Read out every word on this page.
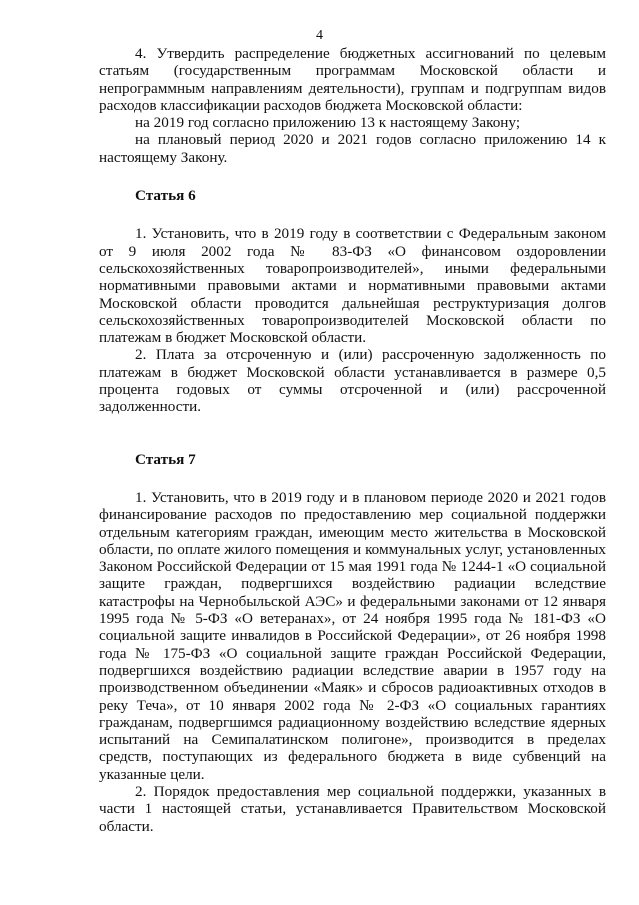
4

4. Утвердить распределение бюджетных ассигнований по целевым статьям (государственным программам Московской области и непрограммным направлениям деятельности), группам и подгруппам видов расходов классификации расходов бюджета Московской области:

на 2019 год согласно приложению 13 к настоящему Закону;

на плановый период 2020 и 2021 годов согласно приложению 14 к настоящему Закону.

Статья 6

1. Установить, что в 2019 году в соответствии с Федеральным законом от 9 июля 2002 года № 83-ФЗ «О финансовом оздоровлении сельскохозяйственных товаропроизводителей», иными федеральными нормативными правовыми актами и нормативными правовыми актами Московской области проводится дальнейшая реструктуризация долгов сельскохозяйственных товаропроизводителей Московской области по платежам в бюджет Московской области.

2. Плата за отсроченную и (или) рассроченную задолженность по платежам в бюджет Московской области устанавливается в размере 0,5 процента годовых от суммы отсроченной и (или) рассроченной задолженности.

Статья 7

1. Установить, что в 2019 году и в плановом периоде 2020 и 2021 годов финансирование расходов по предоставлению мер социальной поддержки отдельным категориям граждан, имеющим место жительства в Московской области, по оплате жилого помещения и коммунальных услуг, установленных Законом Российской Федерации от 15 мая 1991 года № 1244-1 «О социальной защите граждан, подвергшихся воздействию радиации вследствие катастрофы на Чернобыльской АЭС» и федеральными законами от 12 января 1995 года № 5-ФЗ «О ветеранах», от 24 ноября 1995 года № 181-ФЗ «О социальной защите инвалидов в Российской Федерации», от 26 ноября 1998 года № 175-ФЗ «О социальной защите граждан Российской Федерации, подвергшихся воздействию радиации вследствие аварии в 1957 году на производственном объединении «Маяк» и сбросов радиоактивных отходов в реку Теча», от 10 января 2002 года № 2-ФЗ «О социальных гарантиях гражданам, подвергшимся радиационному воздействию вследствие ядерных испытаний на Семипалатинском полигоне», производится в пределах средств, поступающих из федерального бюджета в виде субвенций на указанные цели.

2. Порядок предоставления мер социальной поддержки, указанных в части 1 настоящей статьи, устанавливается Правительством Московской области.
